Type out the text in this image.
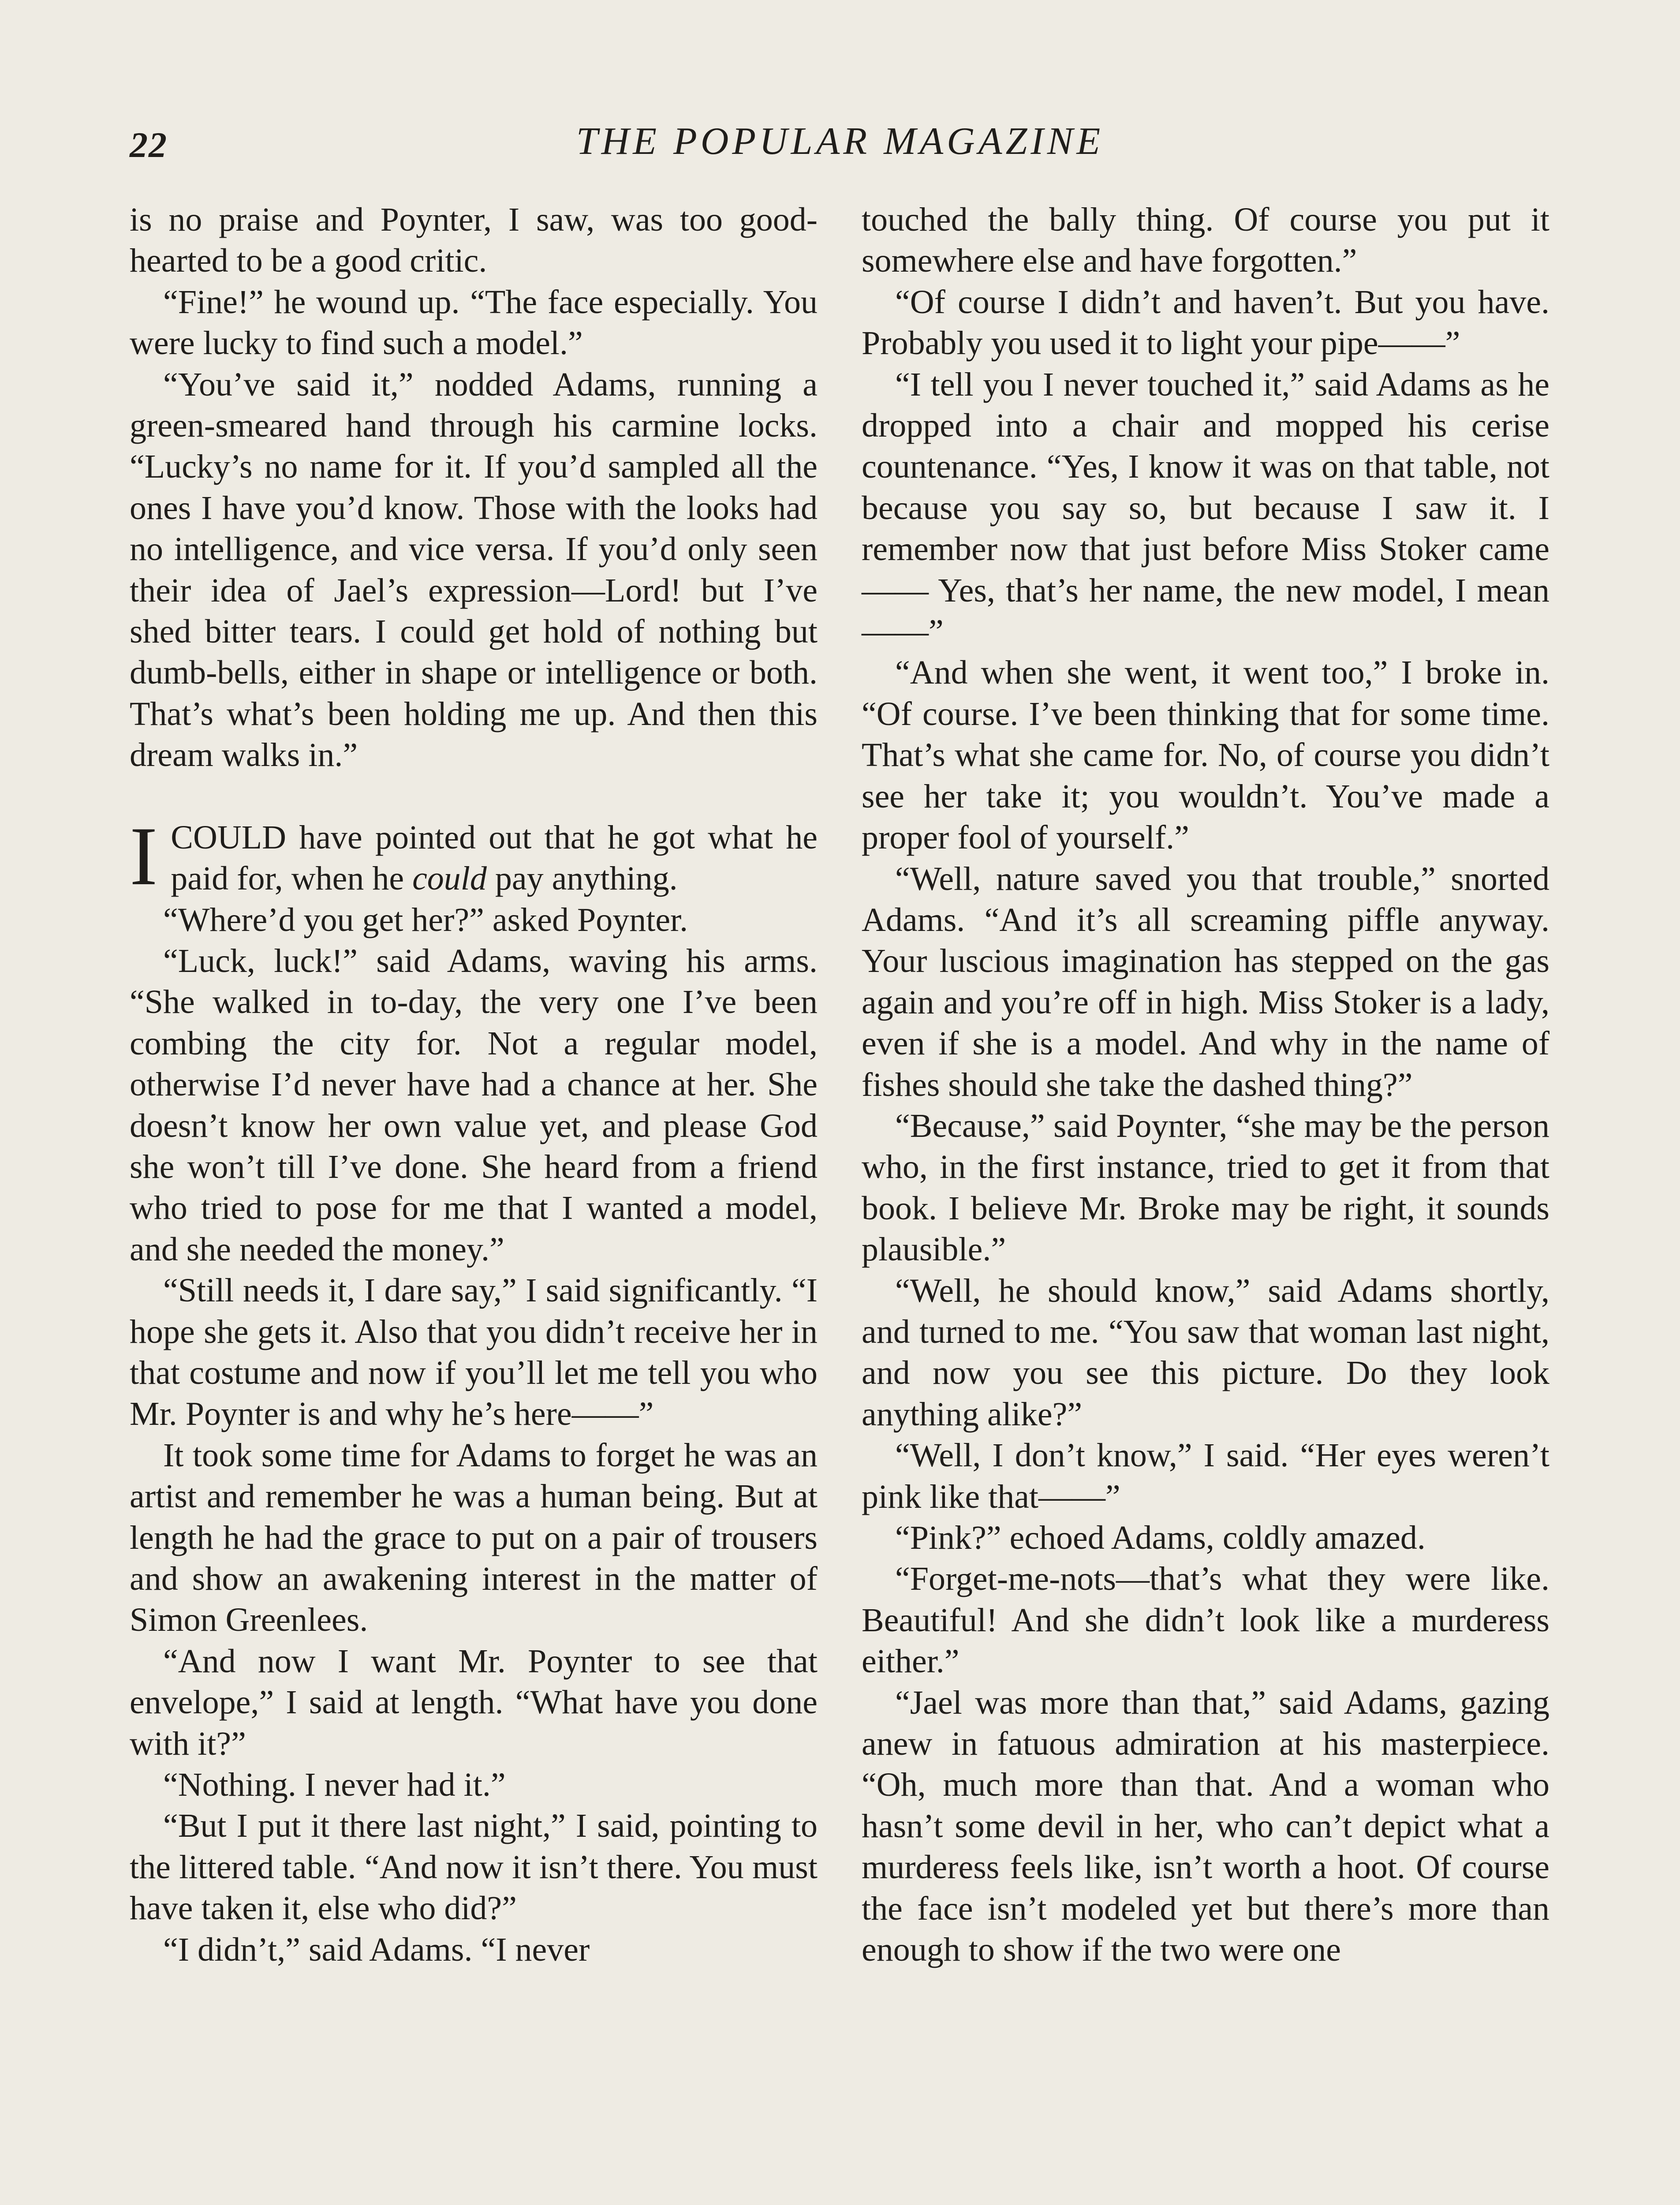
22	THE POPULAR MAGAZINE

is no praise and Poynter, I saw, was too good-hearted to be a good critic.

“Fine!” he wound up. “The face especially. You were lucky to find such a model.”

“You’ve said it,” nodded Adams, running a green-smeared hand through his carmine locks. “Lucky’s no name for it. If you’d sampled all the ones I have you’d know. Those with the looks had no intelligence, and vice versa. If you’d only seen their idea of Jael’s expression—Lord! but I’ve shed bitter tears. I could get hold of nothing but dumb-bells, either in shape or intelligence or both. That’s what’s been holding me up. And then this dream walks in.”

ICOULD have pointed out that he got what he paid for, when he could pay anything.

“Where’d you get her?” asked Poynter.

“Luck, luck!” said Adams, waving his arms. “She walked in to-day, the very one I’ve been combing the city for. Not a regular model, otherwise I’d never have had a chance at her. She doesn’t know her own value yet, and please God she won’t till I’ve done. She heard from a friend who tried to pose for me that I wanted a model, and she needed the money.”

“Still needs it, I dare say,” I said significantly. “I hope she gets it. Also that you didn’t receive her in that costume and now if you’ll let me tell you who Mr. Poynter is and why he’s here——”

It took some time for Adams to forget he was an artist and remember he was a human being. But at length he had the grace to put on a pair of trousers and show an awakening interest in the matter of Simon Greenlees.

“And now I want Mr. Poynter to see that envelope,” I said at length. “What have you done with it?”

“Nothing. I never had it.”

“But I put it there last night,” I said, pointing to the littered table. “And now it isn’t there. You must have taken it, else who did?”

“I didn’t,” said Adams. “I never

touched the bally thing. Of course you put it somewhere else and have forgotten.”

“Of course I didn’t and haven’t. But you have. Probably you used it to light your pipe——”

“I tell you I never touched it,” said Adams as he dropped into a chair and mopped his cerise countenance. “Yes, I know it was on that table, not because you say so, but because I saw it. I remember now that just before Miss Stoker came—— Yes, that’s her name, the new model, I mean——”

“And when she went, it went too,” I broke in. “Of course. I’ve been thinking that for some time. That’s what she came for. No, of course you didn’t see her take it; you wouldn’t. You’ve made a proper fool of yourself.”

“Well, nature saved you that trouble,” snorted Adams. “And it’s all screaming piffle anyway. Your luscious imagination has stepped on the gas again and you’re off in high. Miss Stoker is a lady, even if she is a model. And why in the name of fishes should she take the dashed thing?”

“Because,” said Poynter, “she may be the person who, in the first instance, tried to get it from that book. I believe Mr. Broke may be right, it sounds plausible.”

“Well, he should know,” said Adams shortly, and turned to me. “You saw that woman last night, and now you see this picture. Do they look anything alike?”

“Well, I don’t know,” I said. “Her eyes weren’t pink like that——”

“Pink?” echoed Adams, coldly amazed.

“Forget-me-nots—that’s what they were like. Beautiful! And she didn’t look like a murderess either.”

“Jael was more than that,” said Adams, gazing anew in fatuous admiration at his masterpiece. “Oh, much more than that. And a woman who hasn’t some devil in her, who can’t depict what a murderess feels like, isn’t worth a hoot. Of course the face isn’t modeled yet but there’s more than enough to show if the two were one
